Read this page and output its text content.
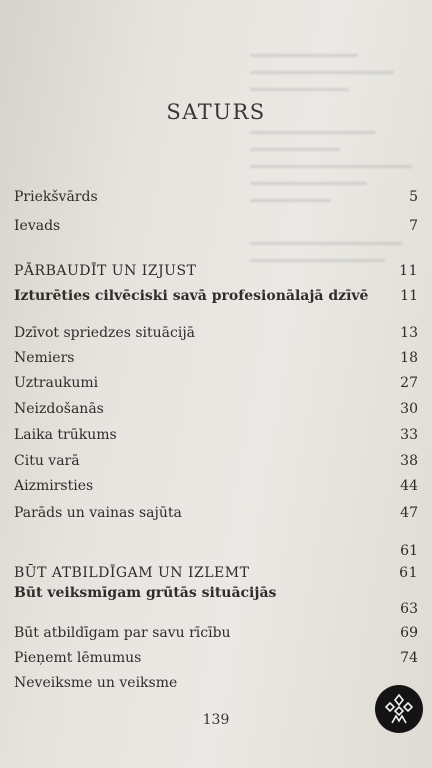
SATURS
Priekšvārds	5
Ievads	7
PĀRBAUDĪT UN IZJUST	11
Izturēties cilvēciski savā profesionālajā dzīvē 11
Dzīvot spriedzes situācijā	13
Nemiers	18
Uztraukumi	27
Neizdošanās	30
Laika trūkums	33
Citu varā	38
Aizmirsties	44
Parāds un vainas sajūta	47
61
BŪT ATBILDĪGAM UN IZLEMT	61
Būt veiksmīgam grūtās situācijās
63
Būt atbildīgam par savu rīcību	69
Pieņemt lēmumus	74
Neveiksme un veiksme
139
